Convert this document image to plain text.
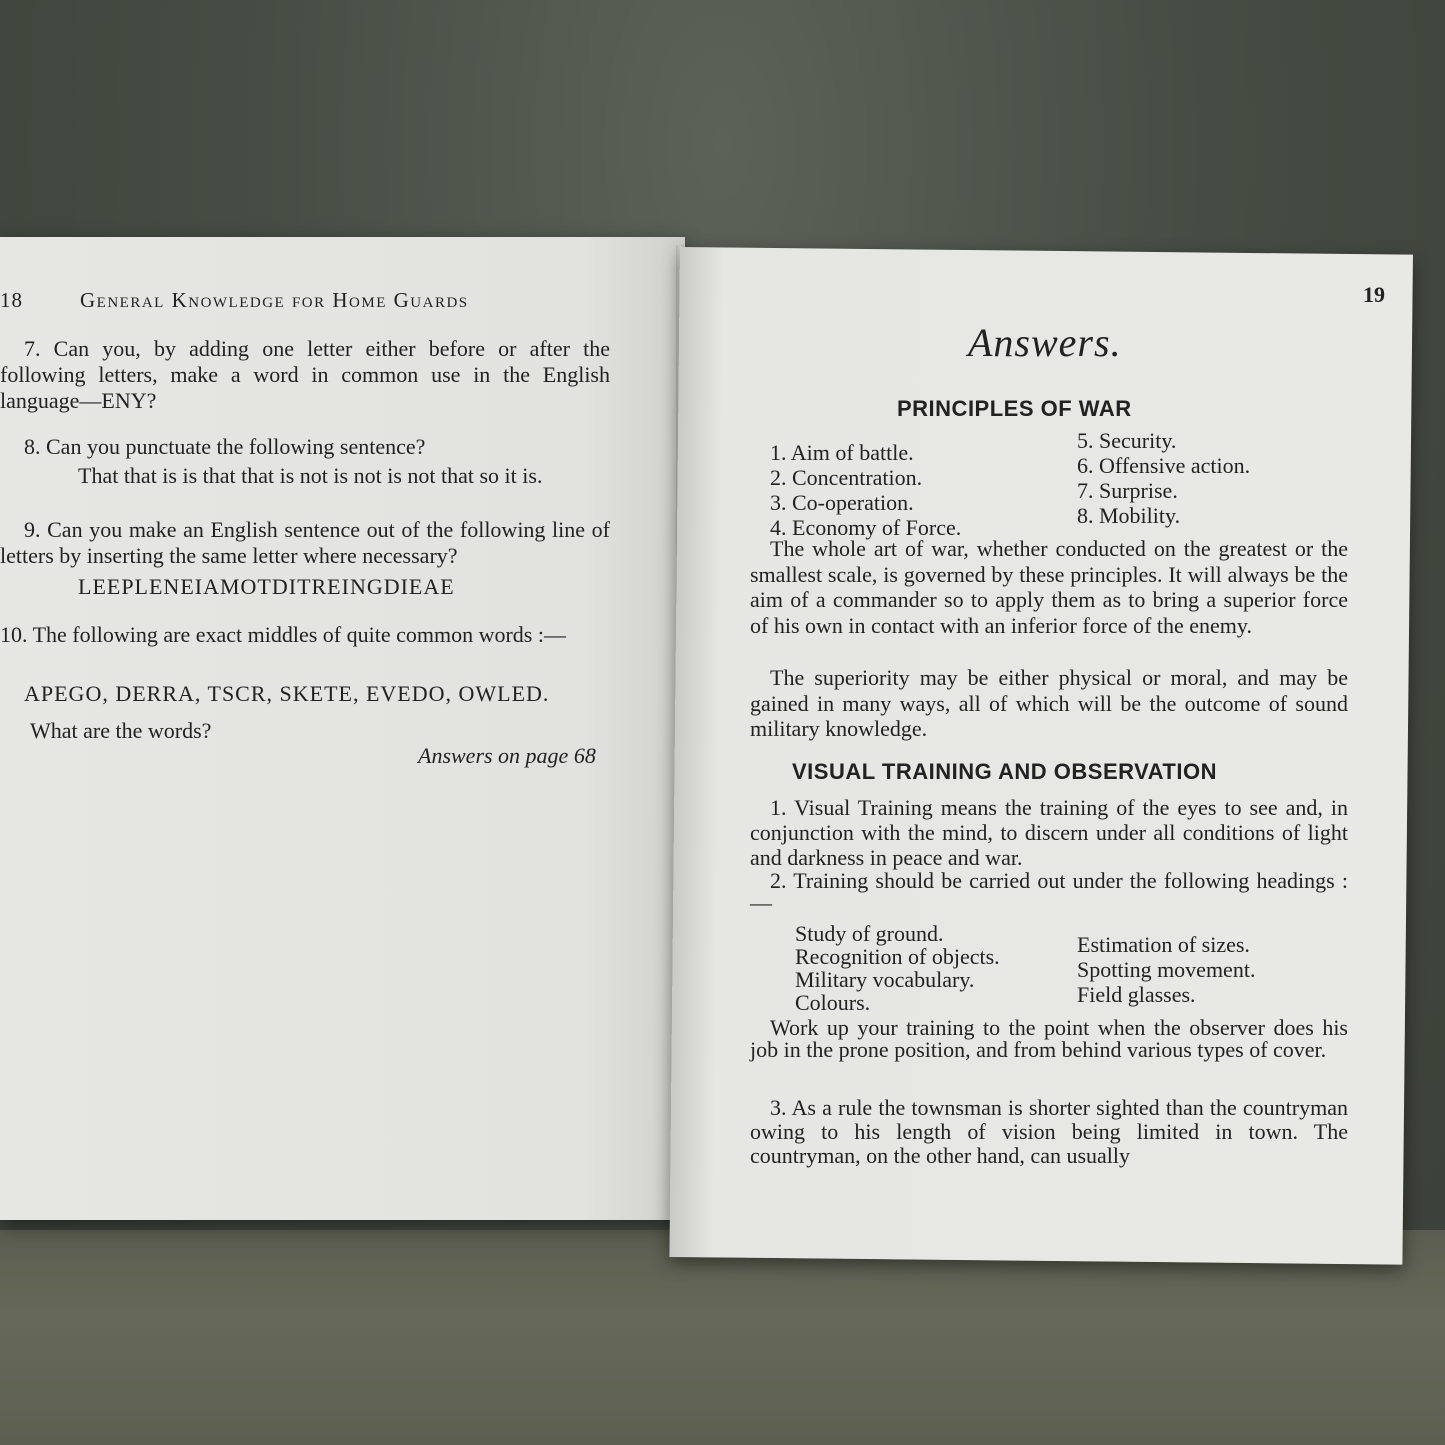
18	General Knowledge for Home Guards

7. Can you, by adding one letter either before or after the following letters, make a word in common use in the English language—ENY?

8. Can you punctuate the following sentence?

That that is is that that is not is not is not that so it is.

9. Can you make an English sentence out of the following line of letters by inserting the same letter where necessary?

LEEPLENEIAMOTDITREINGDIEAE

10. The following are exact middles of quite common words :—

APEGO, DERRA, TSCR, SKETE, EVEDO, OWLED.

What are the words?

Answers on page 68

19

Answers.

PRINCIPLES OF WAR

1. Aim of battle.
2. Concentration.
3. Co-operation.
4. Economy of Force.
5. Security.
6. Offensive action.
7. Surprise.
8. Mobility.

The whole art of war, whether conducted on the greatest or the smallest scale, is governed by these principles. It will always be the aim of a commander so to apply them as to bring a superior force of his own in contact with an inferior force of the enemy.

The superiority may be either physical or moral, and may be gained in many ways, all of which will be the outcome of sound military knowledge.

VISUAL TRAINING AND OBSERVATION

1. Visual Training means the training of the eyes to see and, in conjunction with the mind, to discern under all conditions of light and darkness in peace and war.

2. Training should be carried out under the following headings :—

Study of ground.
Recognition of objects.
Military vocabulary.
Colours.
Estimation of sizes.
Spotting movement.
Field glasses.

Work up your training to the point when the observer does his job in the prone position, and from behind various types of cover.

3. As a rule the townsman is shorter sighted than the countryman owing to his length of vision being limited in town. The countryman, on the other hand, can usually
